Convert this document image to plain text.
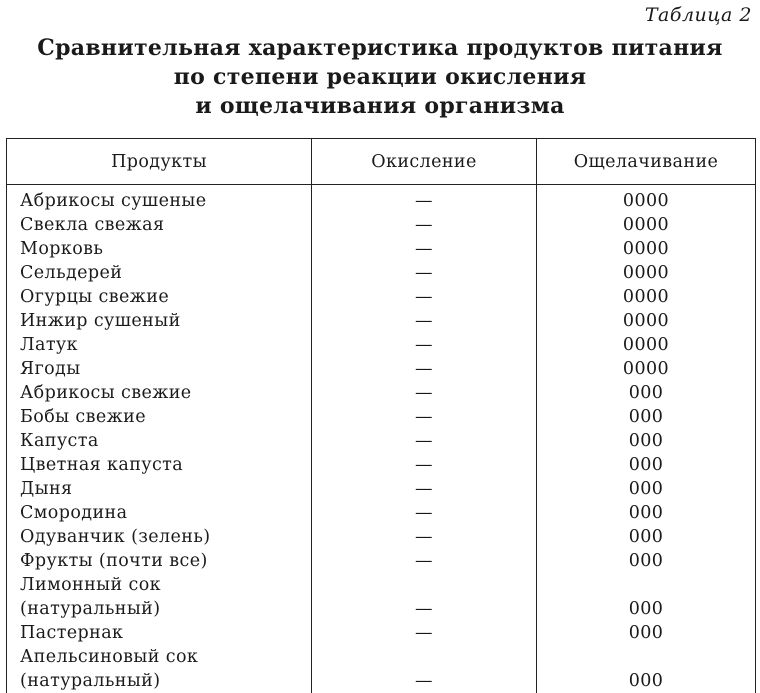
Таблица 2
Сравнительная характеристика продуктов питания
по степени реакции окисления
и ощелачивания организма
Продукты	Окисление	Ощелачивание
Абрикосы сушеные	—	0000
Свекла свежая	—	0000
Морковь	—	0000
Сельдерей	—	0000
Огурцы свежие	—	0000
Инжир сушеный	—	0000
Латук	—	0000
Ягоды	—	0000
Абрикосы свежие	—	000
Бобы свежие	—	000
Капуста	—	000
Цветная капуста	—	000
Дыня	—	000
Смородина	—	000
Одуванчик (зелень)	—	000
Фрукты (почти все)	—	000
Лимонный сок		
(натуральный)	—	000
Пастернак	—	000
Апельсиновый сок		
(натуральный)	—	000
